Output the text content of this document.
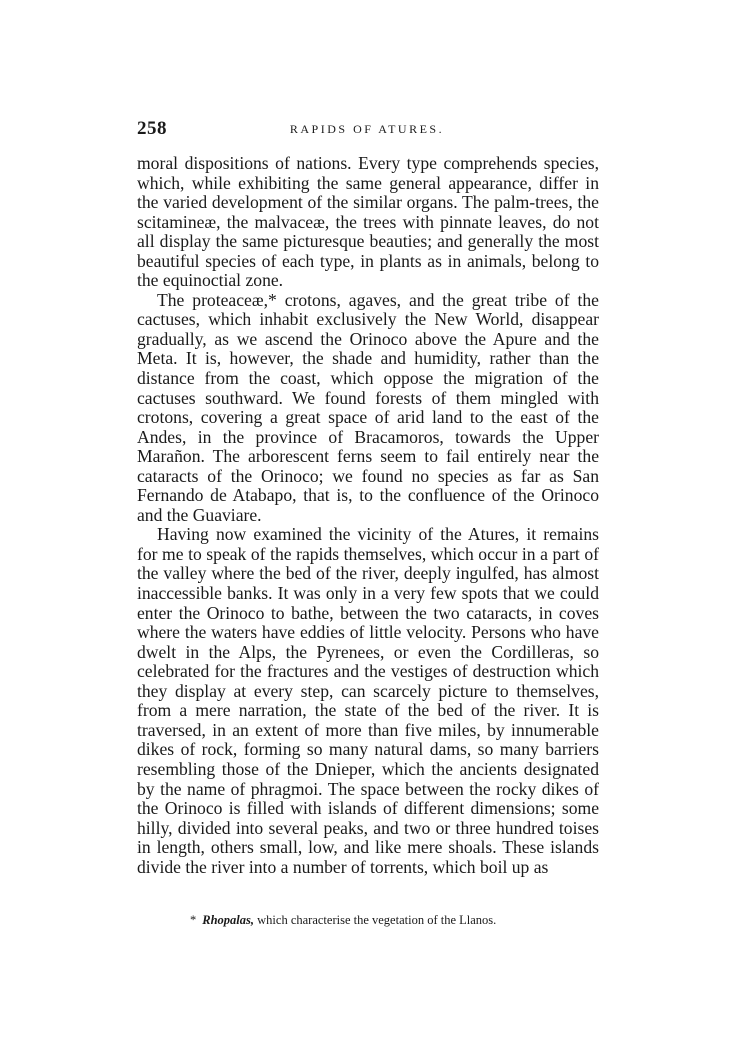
258	RAPIDS OF ATURES.

moral dispositions of nations. Every type comprehends species, which, while exhibiting the same general appearance, differ in the varied development of the similar organs. The palm-trees, the scitamineæ, the malvaceæ, the trees with pinnate leaves, do not all display the same picturesque beauties; and generally the most beautiful species of each type, in plants as in animals, belong to the equinoctial zone.

The proteaceæ,* crotons, agaves, and the great tribe of the cactuses, which inhabit exclusively the New World, disappear gradually, as we ascend the Orinoco above the Apure and the Meta. It is, however, the shade and humidity, rather than the distance from the coast, which oppose the migration of the cactuses southward. We found forests of them mingled with crotons, covering a great space of arid land to the east of the Andes, in the province of Bracamoros, towards the Upper Marañon. The arborescent ferns seem to fail entirely near the cataracts of the Orinoco; we found no species as far as San Fernando de Atabapo, that is, to the confluence of the Orinoco and the Guaviare.

Having now examined the vicinity of the Atures, it remains for me to speak of the rapids themselves, which occur in a part of the valley where the bed of the river, deeply ingulfed, has almost inaccessible banks. It was only in a very few spots that we could enter the Orinoco to bathe, between the two cataracts, in coves where the waters have eddies of little velocity. Persons who have dwelt in the Alps, the Pyrenees, or even the Cordilleras, so celebrated for the fractures and the vestiges of destruction which they display at every step, can scarcely picture to themselves, from a mere narration, the state of the bed of the river. It is traversed, in an extent of more than five miles, by innumerable dikes of rock, forming so many natural dams, so many barriers resembling those of the Dnieper, which the ancients designated by the name of phragmoi. The space between the rocky dikes of the Orinoco is filled with islands of different dimensions; some hilly, divided into several peaks, and two or three hundred toises in length, others small, low, and like mere shoals. These islands divide the river into a number of torrents, which boil up as

* Rhopalas, which characterise the vegetation of the Llanos.
